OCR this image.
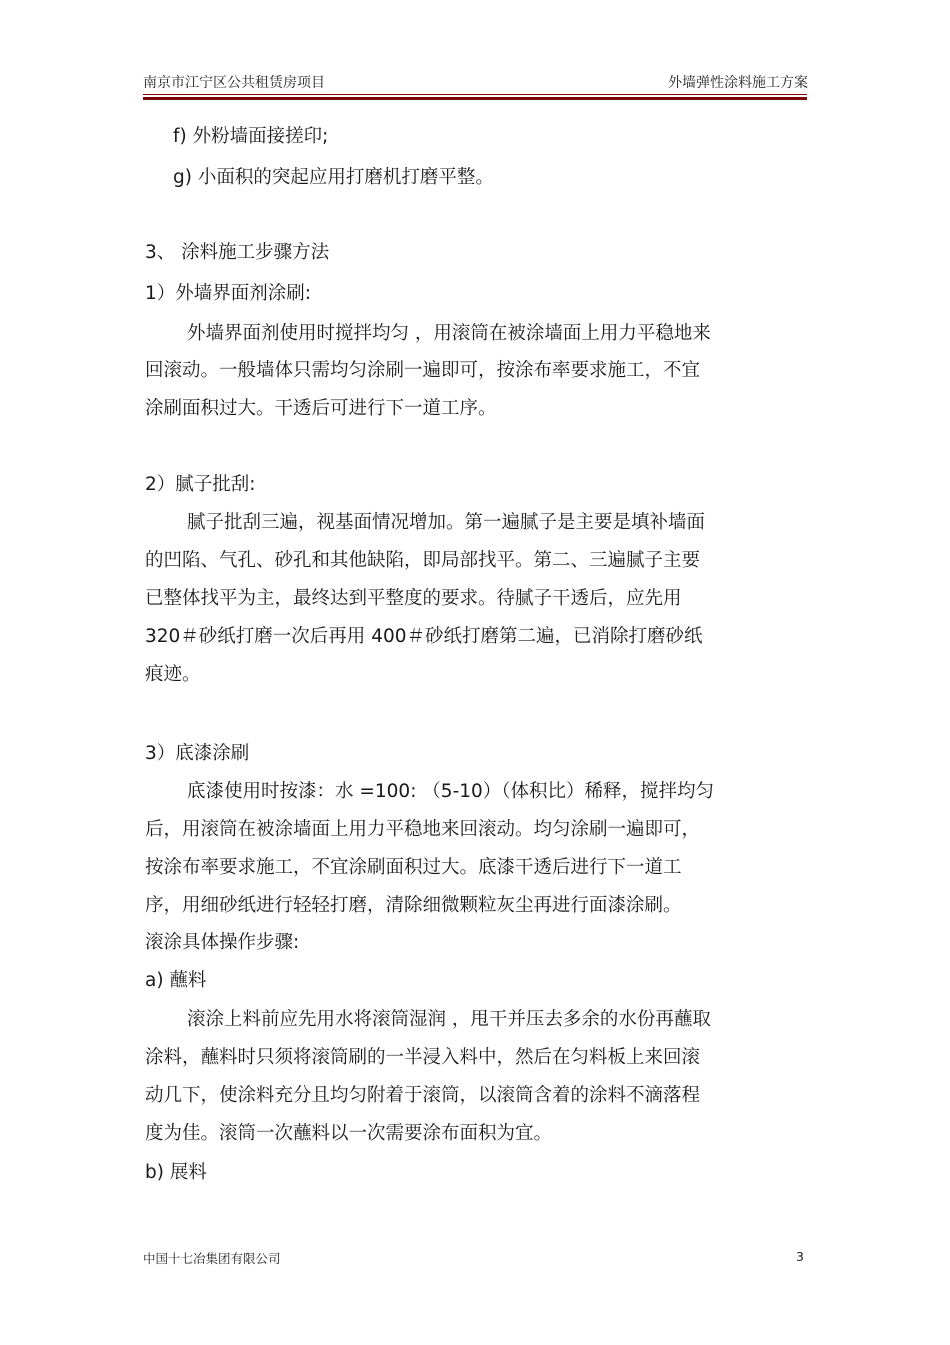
南京市江宁区公共租赁房项目	外墙弹性涂料施工方案
f) 外粉墙面接搓印;
g) 小面积的突起应用打磨机打磨平整。
3、 涂料施工步骤方法
1）外墙界面剂涂刷:
外墙界面剂使用时搅拌均匀 ，用滚筒在被涂墙面上用力平稳地来
回滚动。一般墙体只需均匀涂刷一遍即可，按涂布率要求施工，不宜
涂刷面积过大。干透后可进行下一道工序。
2）腻子批刮:
腻子批刮三遍，视基面情况增加。第一遍腻子是主要是填补墙面
的凹陷、气孔、砂孔和其他缺陷，即局部找平。第二、三遍腻子主要
已整体找平为主，最终达到平整度的要求。待腻子干透后，应先用
320＃砂纸打磨一次后再用 400＃砂纸打磨第二遍，已消除打磨砂纸
痕迹。
3）底漆涂刷
底漆使用时按漆：水 =100: （5-10）（体积比）稀释，搅拌均匀
后，用滚筒在被涂墙面上用力平稳地来回滚动。均匀涂刷一遍即可，
按涂布率要求施工，不宜涂刷面积过大。底漆干透后进行下一道工
序，用细砂纸进行轻轻打磨，清除细微颗粒灰尘再进行面漆涂刷。
滚涂具体操作步骤:
a) 蘸料
滚涂上料前应先用水将滚筒湿润 ，甩干并压去多余的水份再蘸取
涂料，蘸料时只须将滚筒刷的一半浸入料中，然后在匀料板上来回滚
动几下，使涂料充分且均匀附着于滚筒，以滚筒含着的涂料不滴落程
度为佳。滚筒一次蘸料以一次需要涂布面积为宜。
b) 展料
中国十七冶集团有限公司	3
